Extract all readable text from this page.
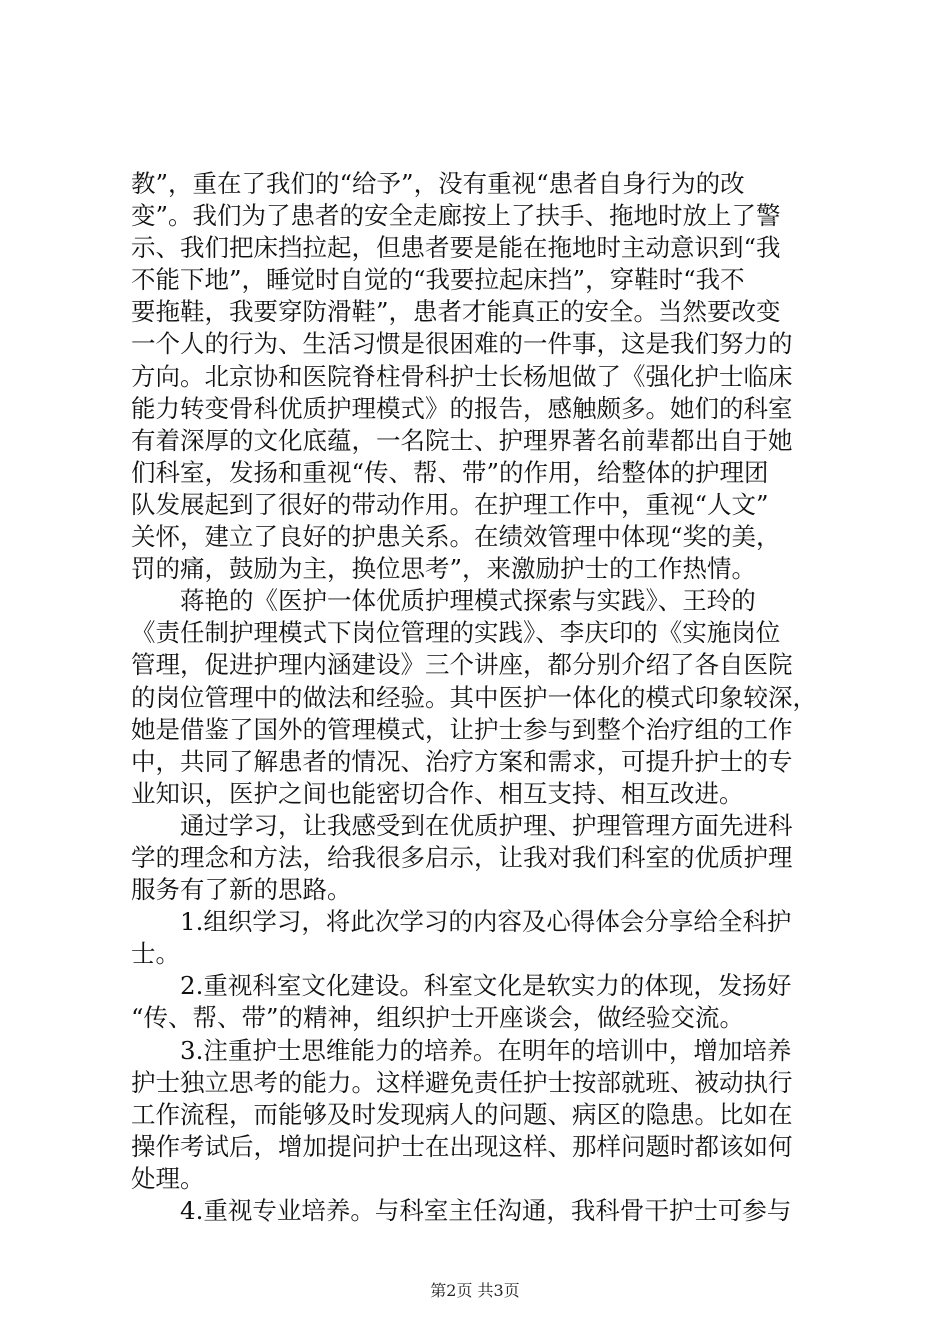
教”，重在了我们的“给予”，没有重视“患者自身行为的改
变”。我们为了患者的安全走廊按上了扶手、拖地时放上了警
示、我们把床挡拉起，但患者要是能在拖地时主动意识到“我
不能下地”，睡觉时自觉的“我要拉起床挡”，穿鞋时“我不
要拖鞋，我要穿防滑鞋”，患者才能真正的安全。当然要改变
一个人的行为、生活习惯是很困难的一件事，这是我们努力的
方向。北京协和医院脊柱骨科护士长杨旭做了《强化护士临床
能力转变骨科优质护理模式》的报告，感触颇多。她们的科室
有着深厚的文化底蕴，一名院士、护理界著名前辈都出自于她
们科室，发扬和重视“传、帮、带”的作用，给整体的护理团
队发展起到了很好的带动作用。在护理工作中，重视“人文”
关怀，建立了良好的护患关系。在绩效管理中体现“奖的美，
罚的痛，鼓励为主，换位思考”，来激励护士的工作热情。

蒋艳的《医护一体优质护理模式探索与实践》、王玲的
《责任制护理模式下岗位管理的实践》、李庆印的《实施岗位
管理，促进护理内涵建设》三个讲座，都分别介绍了各自医院
的岗位管理中的做法和经验。其中医护一体化的模式印象较深，
她是借鉴了国外的管理模式，让护士参与到整个治疗组的工作
中，共同了解患者的情况、治疗方案和需求，可提升护士的专
业知识，医护之间也能密切合作、相互支持、相互改进。

通过学习，让我感受到在优质护理、护理管理方面先进科
学的理念和方法，给我很多启示，让我对我们科室的优质护理
服务有了新的思路。

1.组织学习，将此次学习的内容及心得体会分享给全科护
士。

2.重视科室文化建设。科室文化是软实力的体现，发扬好
“传、帮、带”的精神，组织护士开座谈会，做经验交流。

3.注重护士思维能力的培养。在明年的培训中，增加培养
护士独立思考的能力。这样避免责任护士按部就班、被动执行
工作流程，而能够及时发现病人的问题、病区的隐患。比如在
操作考试后，增加提问护士在出现这样、那样问题时都该如何
处理。

4.重视专业培养。与科室主任沟通，我科骨干护士可参与

第2页 共3页
